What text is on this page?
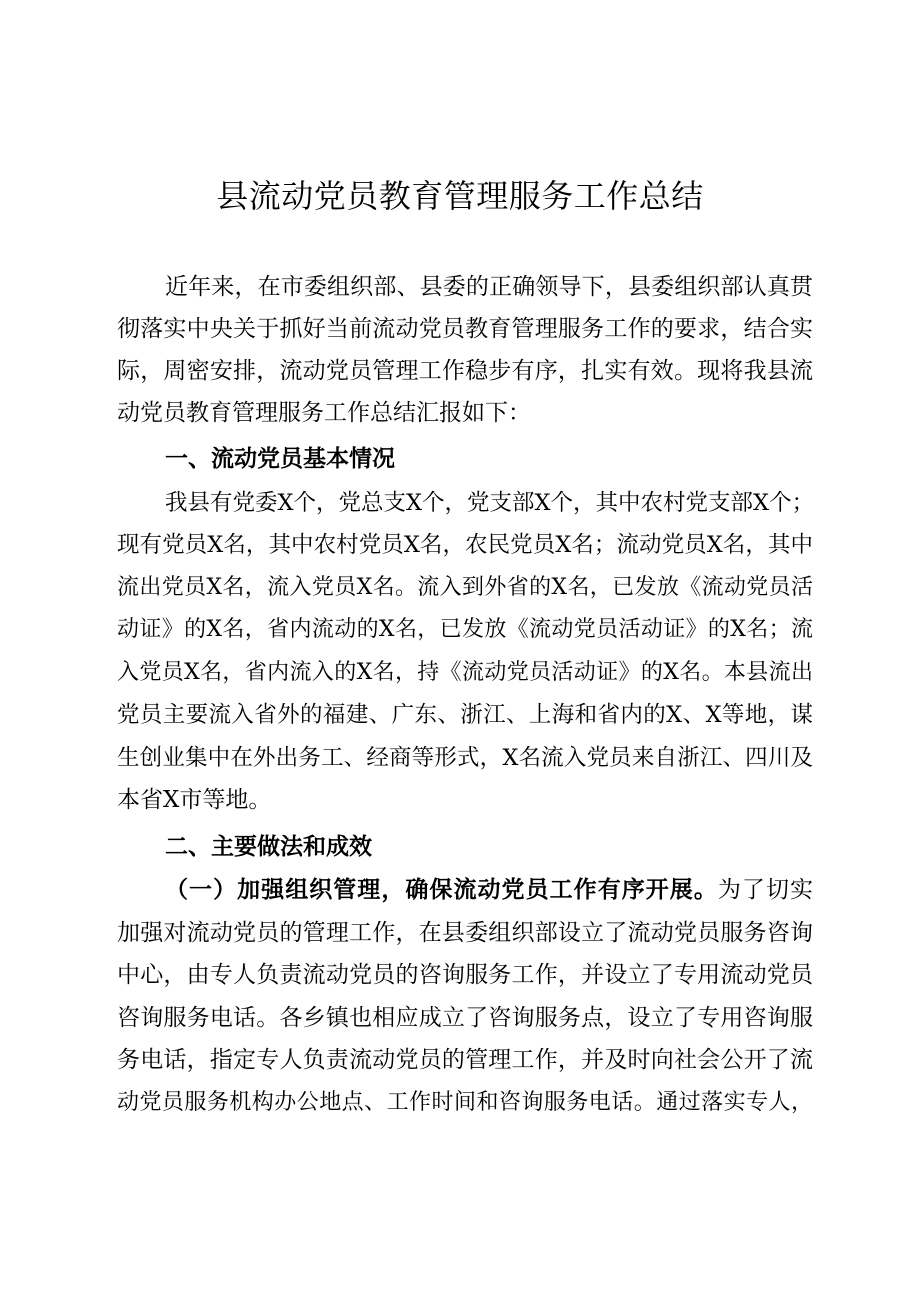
县流动党员教育管理服务工作总结
近年来，在市委组织部、县委的正确领导下，县委组织部认真贯
彻落实中央关于抓好当前流动党员教育管理服务工作的要求，结合实
际，周密安排，流动党员管理工作稳步有序，扎实有效。现将我县流
动党员教育管理服务工作总结汇报如下：
一、流动党员基本情况
我县有党委X个，党总支X个，党支部X个，其中农村党支部X个；
现有党员X名，其中农村党员X名，农民党员X名；流动党员X名，其中
流出党员X名，流入党员X名。流入到外省的X名，已发放《流动党员活
动证》的X名，省内流动的X名，已发放《流动党员活动证》的X名；流
入党员X名，省内流入的X名，持《流动党员活动证》的X名。本县流出
党员主要流入省外的福建、广东、浙江、上海和省内的X、X等地，谋
生创业集中在外出务工、经商等形式，X名流入党员来自浙江、四川及
本省X市等地。
二、主要做法和成效
（一）加强组织管理，确保流动党员工作有序开展。为了切实
加强对流动党员的管理工作，在县委组织部设立了流动党员服务咨询
中心，由专人负责流动党员的咨询服务工作，并设立了专用流动党员
咨询服务电话。各乡镇也相应成立了咨询服务点，设立了专用咨询服
务电话，指定专人负责流动党员的管理工作，并及时向社会公开了流
动党员服务机构办公地点、工作时间和咨询服务电话。通过落实专人，
